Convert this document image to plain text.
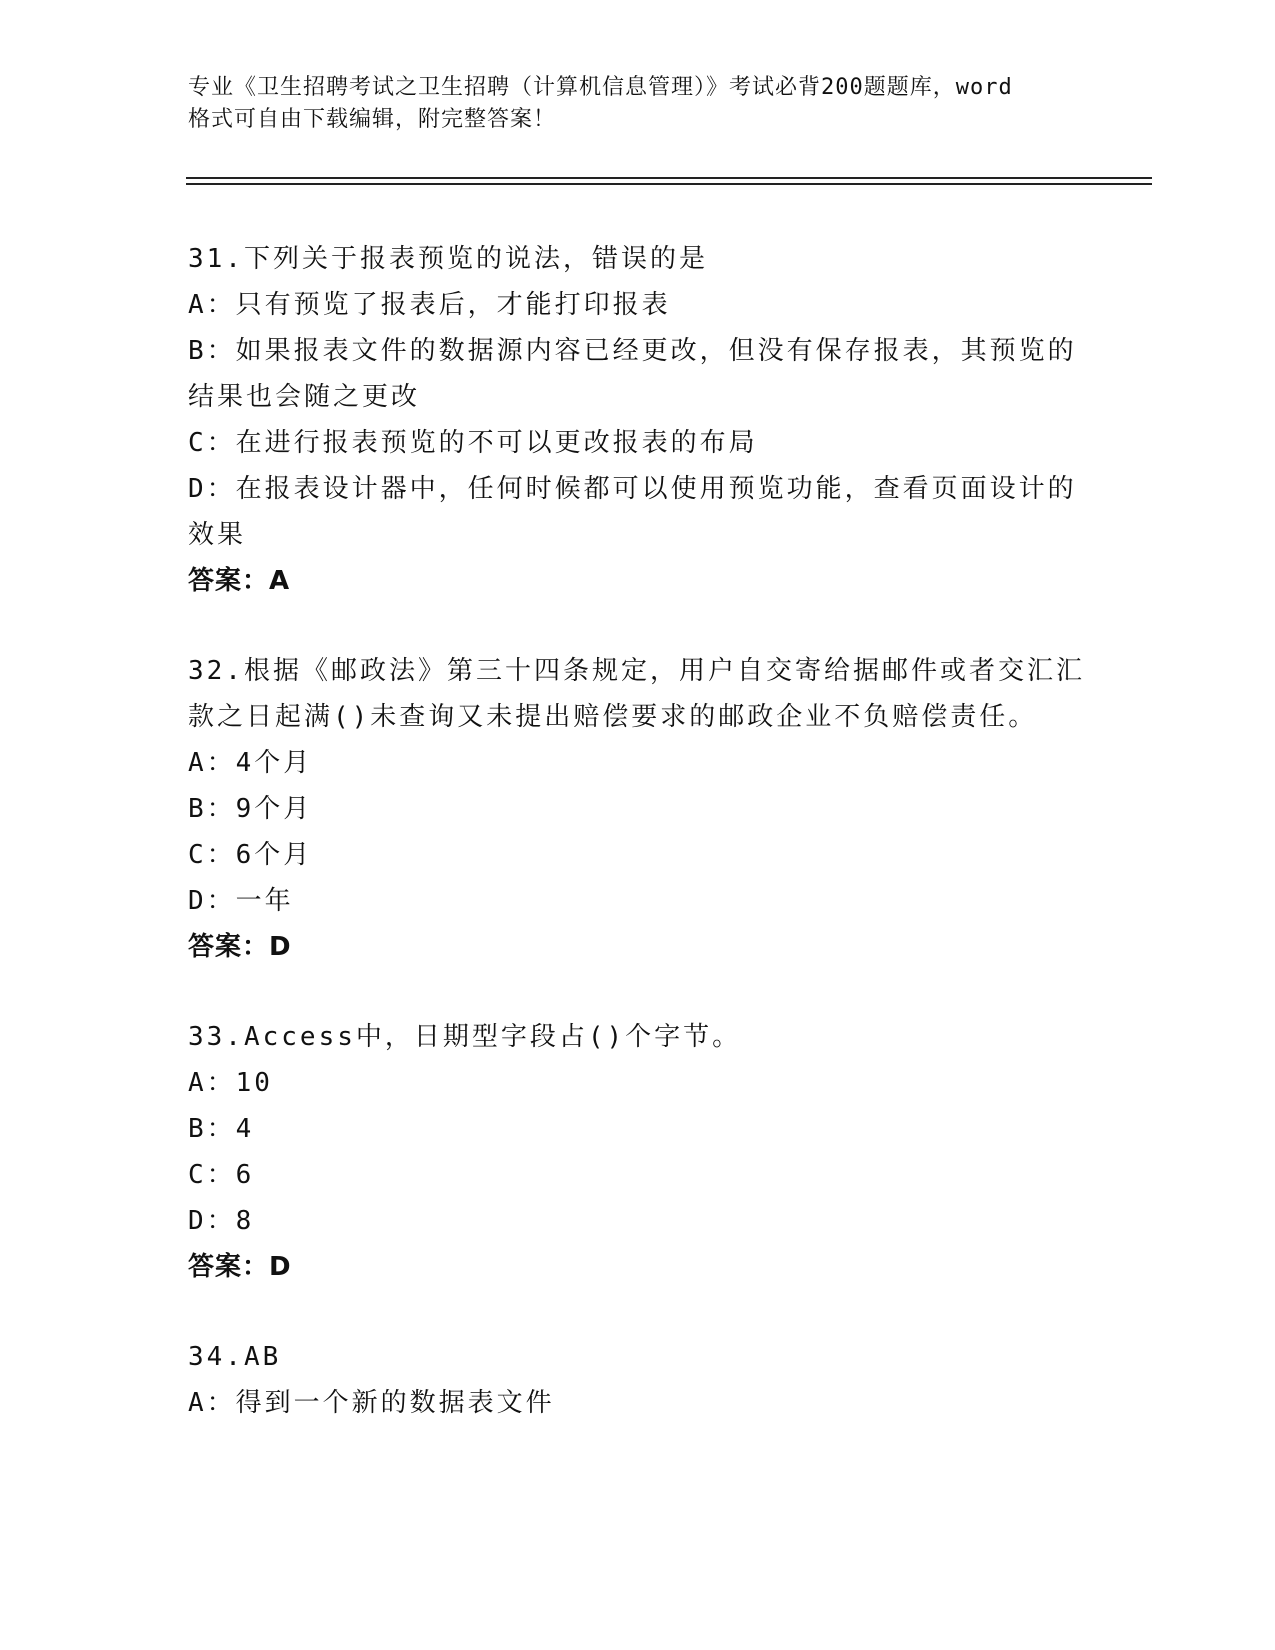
专业《卫生招聘考试之卫生招聘（计算机信息管理）》考试必背200题题库，word
格式可自由下载编辑，附完整答案！
31.下列关于报表预览的说法，错误的是
A：只有预览了报表后，才能打印报表
B：如果报表文件的数据源内容已经更改，但没有保存报表，其预览的
结果也会随之更改
C：在进行报表预览的不可以更改报表的布局
D：在报表设计器中，任何时候都可以使用预览功能，查看页面设计的
效果
答案：A
32.根据《邮政法》第三十四条规定，用户自交寄给据邮件或者交汇汇
款之日起满()未查询又未提出赔偿要求的邮政企业不负赔偿责任。
A：4个月
B：9个月
C：6个月
D：一年
答案：D
33.Access中，日期型字段占()个字节。
A：10
B：4
C：6
D：8
答案：D
34.AB
A：得到一个新的数据表文件
